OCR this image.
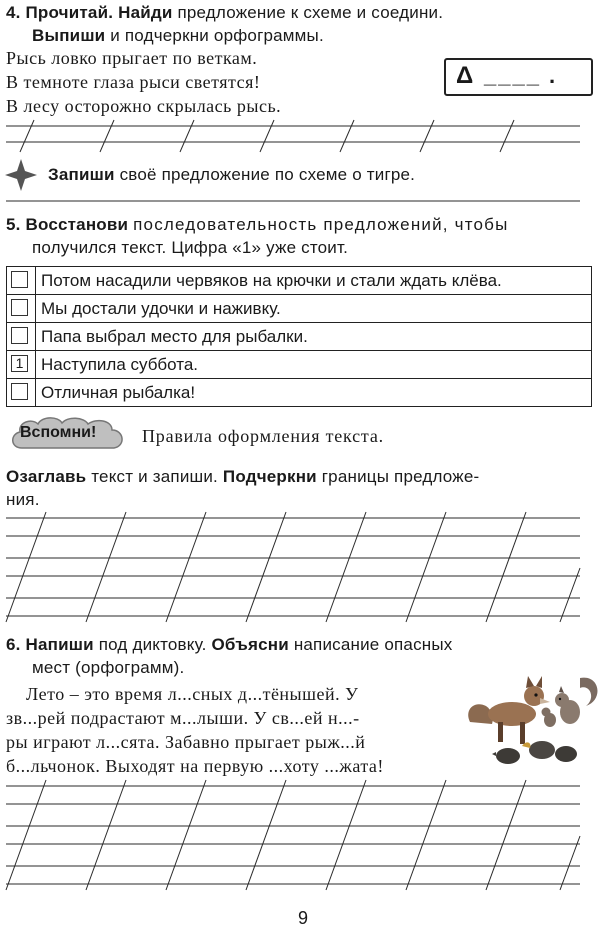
4. Прочитай. Найди предложение к схеме и соедини.
Выпиши и подчеркни орфограммы.
Рысь ловко прыгает по веткам.
В темноте глаза рыси светятся!
В лесу осторожно скрылась рысь.
Δ ____ .
Запиши своё предложение по схеме о тигре.
5. Восстанови последовательность предложений, чтобы
получился текст. Цифра «1» уже стоит.
Потом насадили червяков на крючки и стали ждать клёва.
Мы достали удочки и наживку.
Папа выбрал место для рыбалки.
1 Наступила суббота.
Отличная рыбалка!
Вспомни!	Правила оформления текста.
Озаглавь текст и запиши. Подчеркни границы предложе-
ния.
6. Напиши под диктовку. Объясни написание опасных
мест (орфограмм).
Лето – это время л...сных д...тёнышей. У
зв...рей подрастают м...лыши. У св...ей н...-
ры играют л...сята. Забавно прыгает рыж...й
б...льчонок. Выходят на первую ...хоту ...жата!
9
